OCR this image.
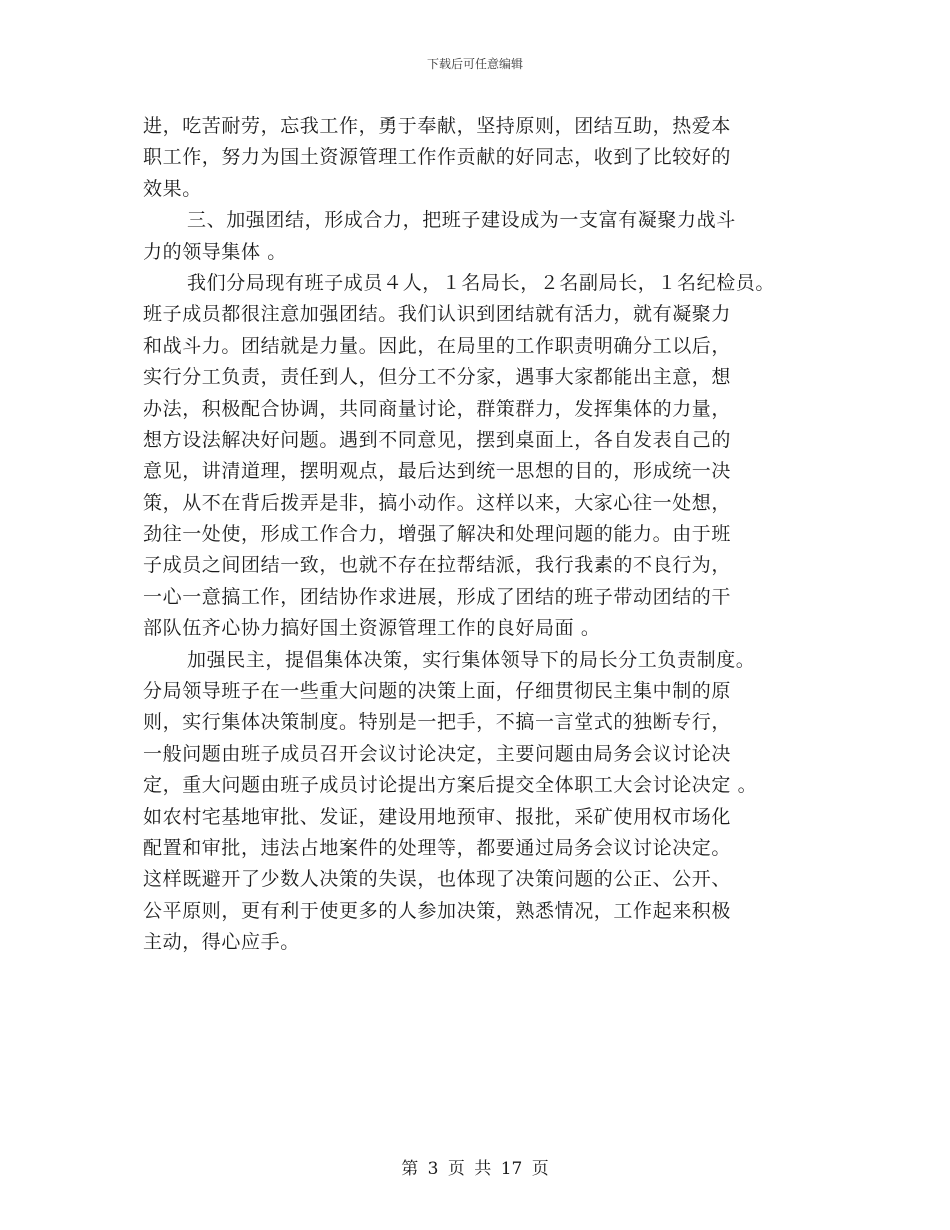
下载后可任意编辑
进，吃苦耐劳，忘我工作，勇于奉献，坚持原则，团结互助，热爱本
职工作，努力为国土资源管理工作作贡献的好同志，收到了比较好的
效果。
三、加强团结，形成合力，把班子建设成为一支富有凝聚力战斗
力的领导集体 。
我们分局现有班子成员４人，１名局长，２名副局长，１名纪检员。
班子成员都很注意加强团结。我们认识到团结就有活力，就有凝聚力
和战斗力。团结就是力量。因此，在局里的工作职责明确分工以后，
实行分工负责，责任到人，但分工不分家，遇事大家都能出主意，想
办法，积极配合协调，共同商量讨论，群策群力，发挥集体的力量，
想方设法解决好问题。遇到不同意见，摆到桌面上，各自发表自己的
意见，讲清道理，摆明观点，最后达到统一思想的目的，形成统一决
策，从不在背后拨弄是非，搞小动作。这样以来，大家心往一处想，
劲往一处使，形成工作合力，增强了解决和处理问题的能力。由于班
子成员之间团结一致，也就不存在拉帮结派，我行我素的不良行为，
一心一意搞工作，团结协作求进展，形成了团结的班子带动团结的干
部队伍齐心协力搞好国土资源管理工作的良好局面 。
加强民主，提倡集体决策，实行集体领导下的局长分工负责制度。
分局领导班子在一些重大问题的决策上面，仔细贯彻民主集中制的原
则，实行集体决策制度。特别是一把手，不搞一言堂式的独断专行，
一般问题由班子成员召开会议讨论决定，主要问题由局务会议讨论决
定，重大问题由班子成员讨论提出方案后提交全体职工大会讨论决定 。
如农村宅基地审批、发证，建设用地预审、报批，采矿使用权市场化
配置和审批，违法占地案件的处理等，都要通过局务会议讨论决定。
这样既避开了少数人决策的失误，也体现了决策问题的公正、公开、
公平原则，更有利于使更多的人参加决策，熟悉情况，工作起来积极
主动，得心应手。
第 3 页 共 17 页
